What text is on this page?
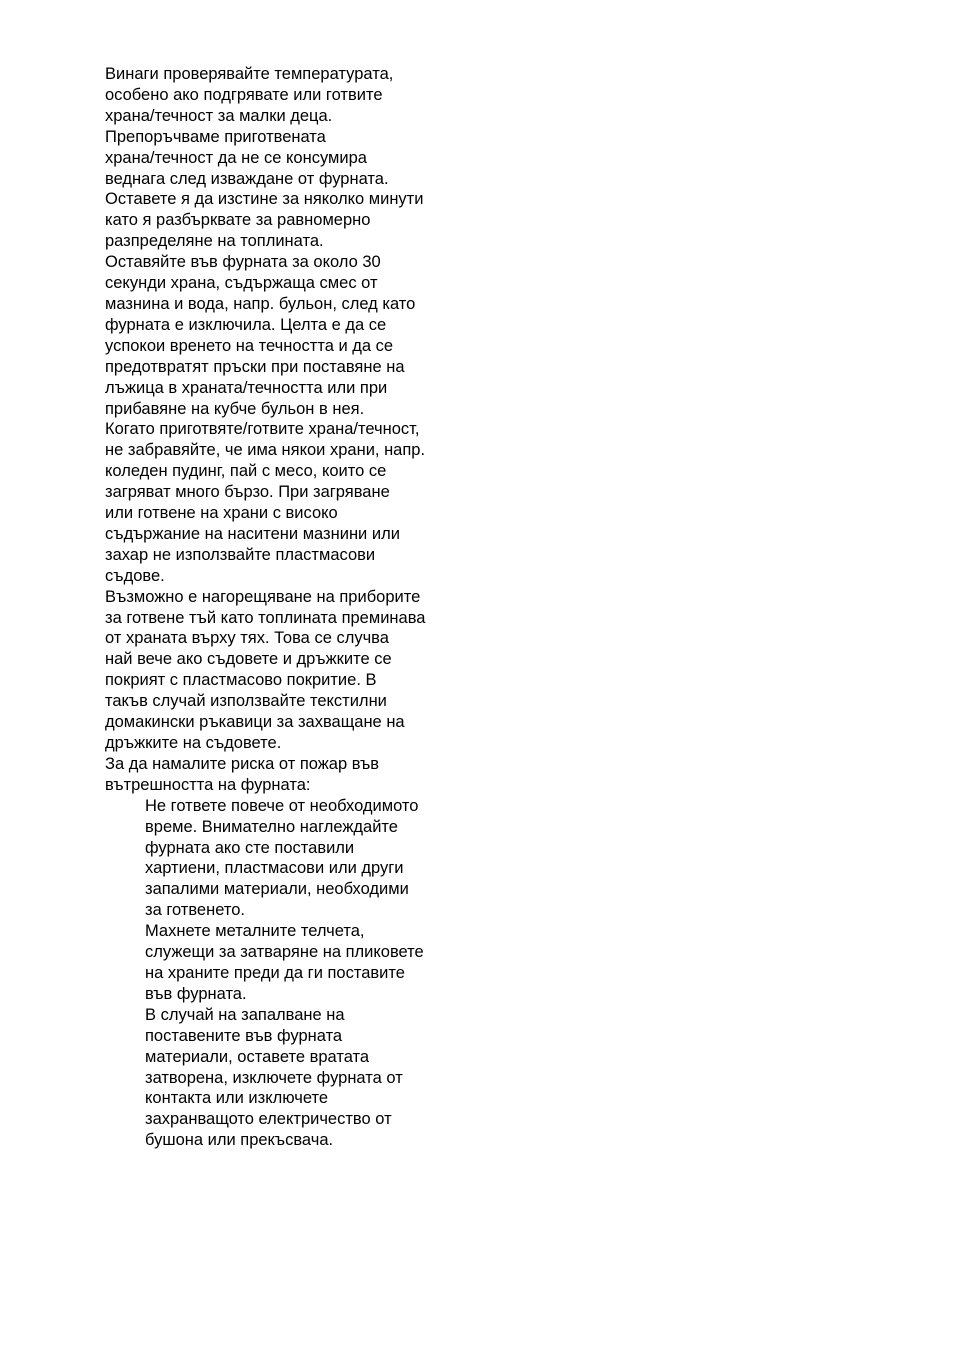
Винаги проверявайте температурата,
особено ако подгрявате или готвите
храна/течност за малки деца.
Препоръчваме приготвената
храна/течност да не се консумира
веднага след изваждане от фурната.
Оставете я да изстине за няколко минути
като я разбърквате за равномерно
разпределяне на топлината.

Оставяйте във фурната за около 30
секунди храна, съдържаща смес от
мазнина и вода, напр. бульон, след като
фурната е изключила. Целта е да се
успокои вренето на течността и да се
предотвратят пръски при поставяне на
лъжица в храната/течността или при
прибавяне на кубче бульон в нея.

Когато приготвяте/готвите храна/течност,
не забравяйте, че има някои храни, напр.
коледен пудинг, пай с месо, които се
загряват много бързо. При загряване
или готвене на храни с високо
съдържание на наситени мазнини или
захар не използвайте пластмасови
съдове.

Възможно е нагорещяване на приборите
за готвене тъй като топлината преминава
от храната върху тях. Това се случва
най вече ако съдовете и дръжките се
покрият с пластмасово покритие. В
такъв случай използвайте текстилни
домакински ръкавици за захващане на
дръжките на съдовете.

За да намалите риска от пожар във
вътрешността на фурната:

Не гответе повече от необходимото
време. Внимателно наглеждайте
фурната ако сте поставили
хартиени, пластмасови или други
запалими материали, необходими
за готвенето.

Махнете металните телчета,
служещи за затваряне на пликовете
на храните преди да ги поставите
във фурната.

В случай на запалване на
поставените във фурната
материали, оставете вратата
затворена, изключете фурната от
контакта или изключете
захранващото електричество от
бушона или прекъсвача.
